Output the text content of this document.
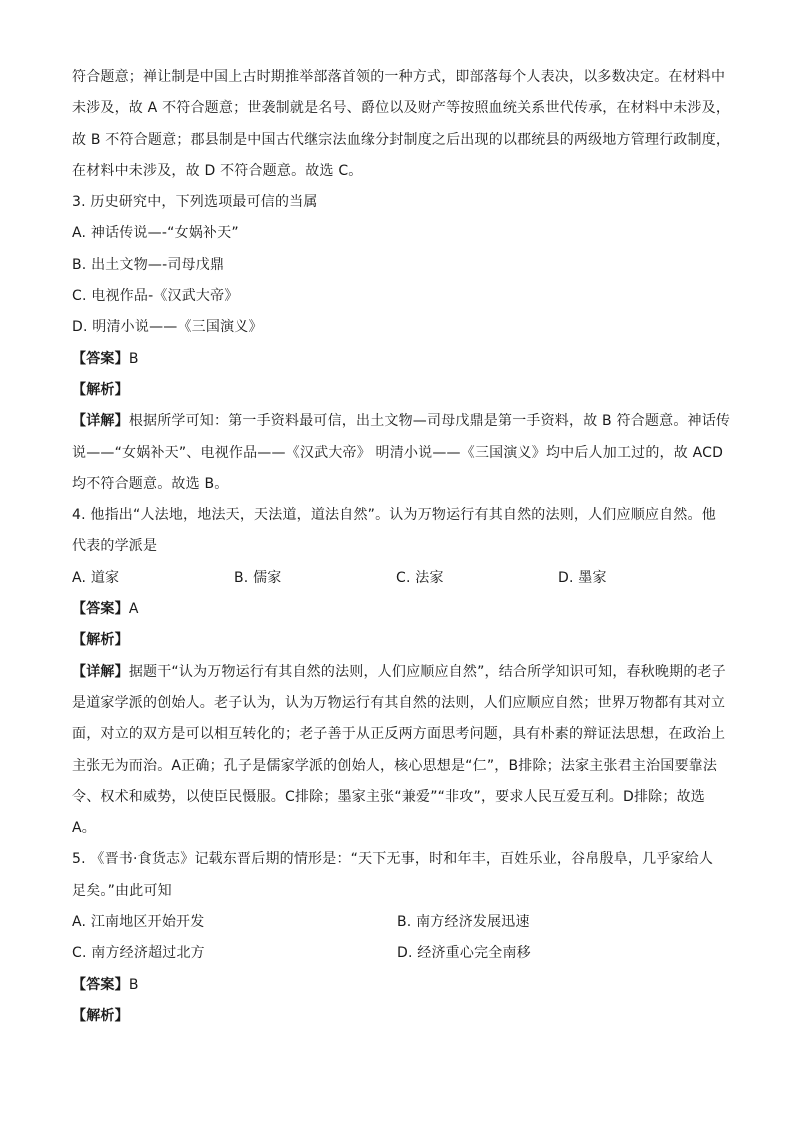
符合题意；禅让制是中国上古时期推举部落首领的一种方式，即部落每个人表决，以多数决定。在材料中
未涉及，故 A 不符合题意；世袭制就是名号、爵位以及财产等按照血统关系世代传承，在材料中未涉及，
故 B 不符合题意；郡县制是中国古代继宗法血缘分封制度之后出现的以郡统县的两级地方管理行政制度，
在材料中未涉及，故 D 不符合题意。故选 C。
3. 历史研究中，下列选项最可信的当属
A. 神话传说—-“女娲补天”
B. 出土文物—-司母戊鼎
C. 电视作品-《汉武大帝》
D. 明清小说——《三国演义》
【答案】B
【解析】
【详解】根据所学可知：第一手资料最可信，出土文物—司母戊鼎是第一手资料，故 B 符合题意。神话传
说——“女娲补天”、电视作品——《汉武大帝》 明清小说——《三国演义》均中后人加工过的，故 ACD
均不符合题意。故选 B。
4. 他指出“人法地，地法天，天法道，道法自然”。认为万物运行有其自然的法则，人们应顺应自然。他
代表的学派是
A. 道家	B. 儒家	C. 法家	D. 墨家
【答案】A
【解析】
【详解】据题干“认为万物运行有其自然的法则，人们应顺应自然”，结合所学知识可知，春秋晚期的老子
是道家学派的创始人。老子认为，认为万物运行有其自然的法则，人们应顺应自然；世界万物都有其对立
面，对立的双方是可以相互转化的；老子善于从正反两方面思考问题，具有朴素的辩证法思想，在政治上
主张无为而治。A正确；孔子是儒家学派的创始人，核心思想是“仁”，B排除；法家主张君主治国要靠法
令、权术和威势，以使臣民慑服。C排除；墨家主张“兼爱”“非攻”，要求人民互爱互利。D排除；故选
A。
5. 《晋书·食货志》记载东晋后期的情形是：“天下无事，时和年丰，百姓乐业，谷帛殷阜，几乎家给人
足矣。”由此可知
A. 江南地区开始开发	B. 南方经济发展迅速
C. 南方经济超过北方	D. 经济重心完全南移
【答案】B
【解析】
